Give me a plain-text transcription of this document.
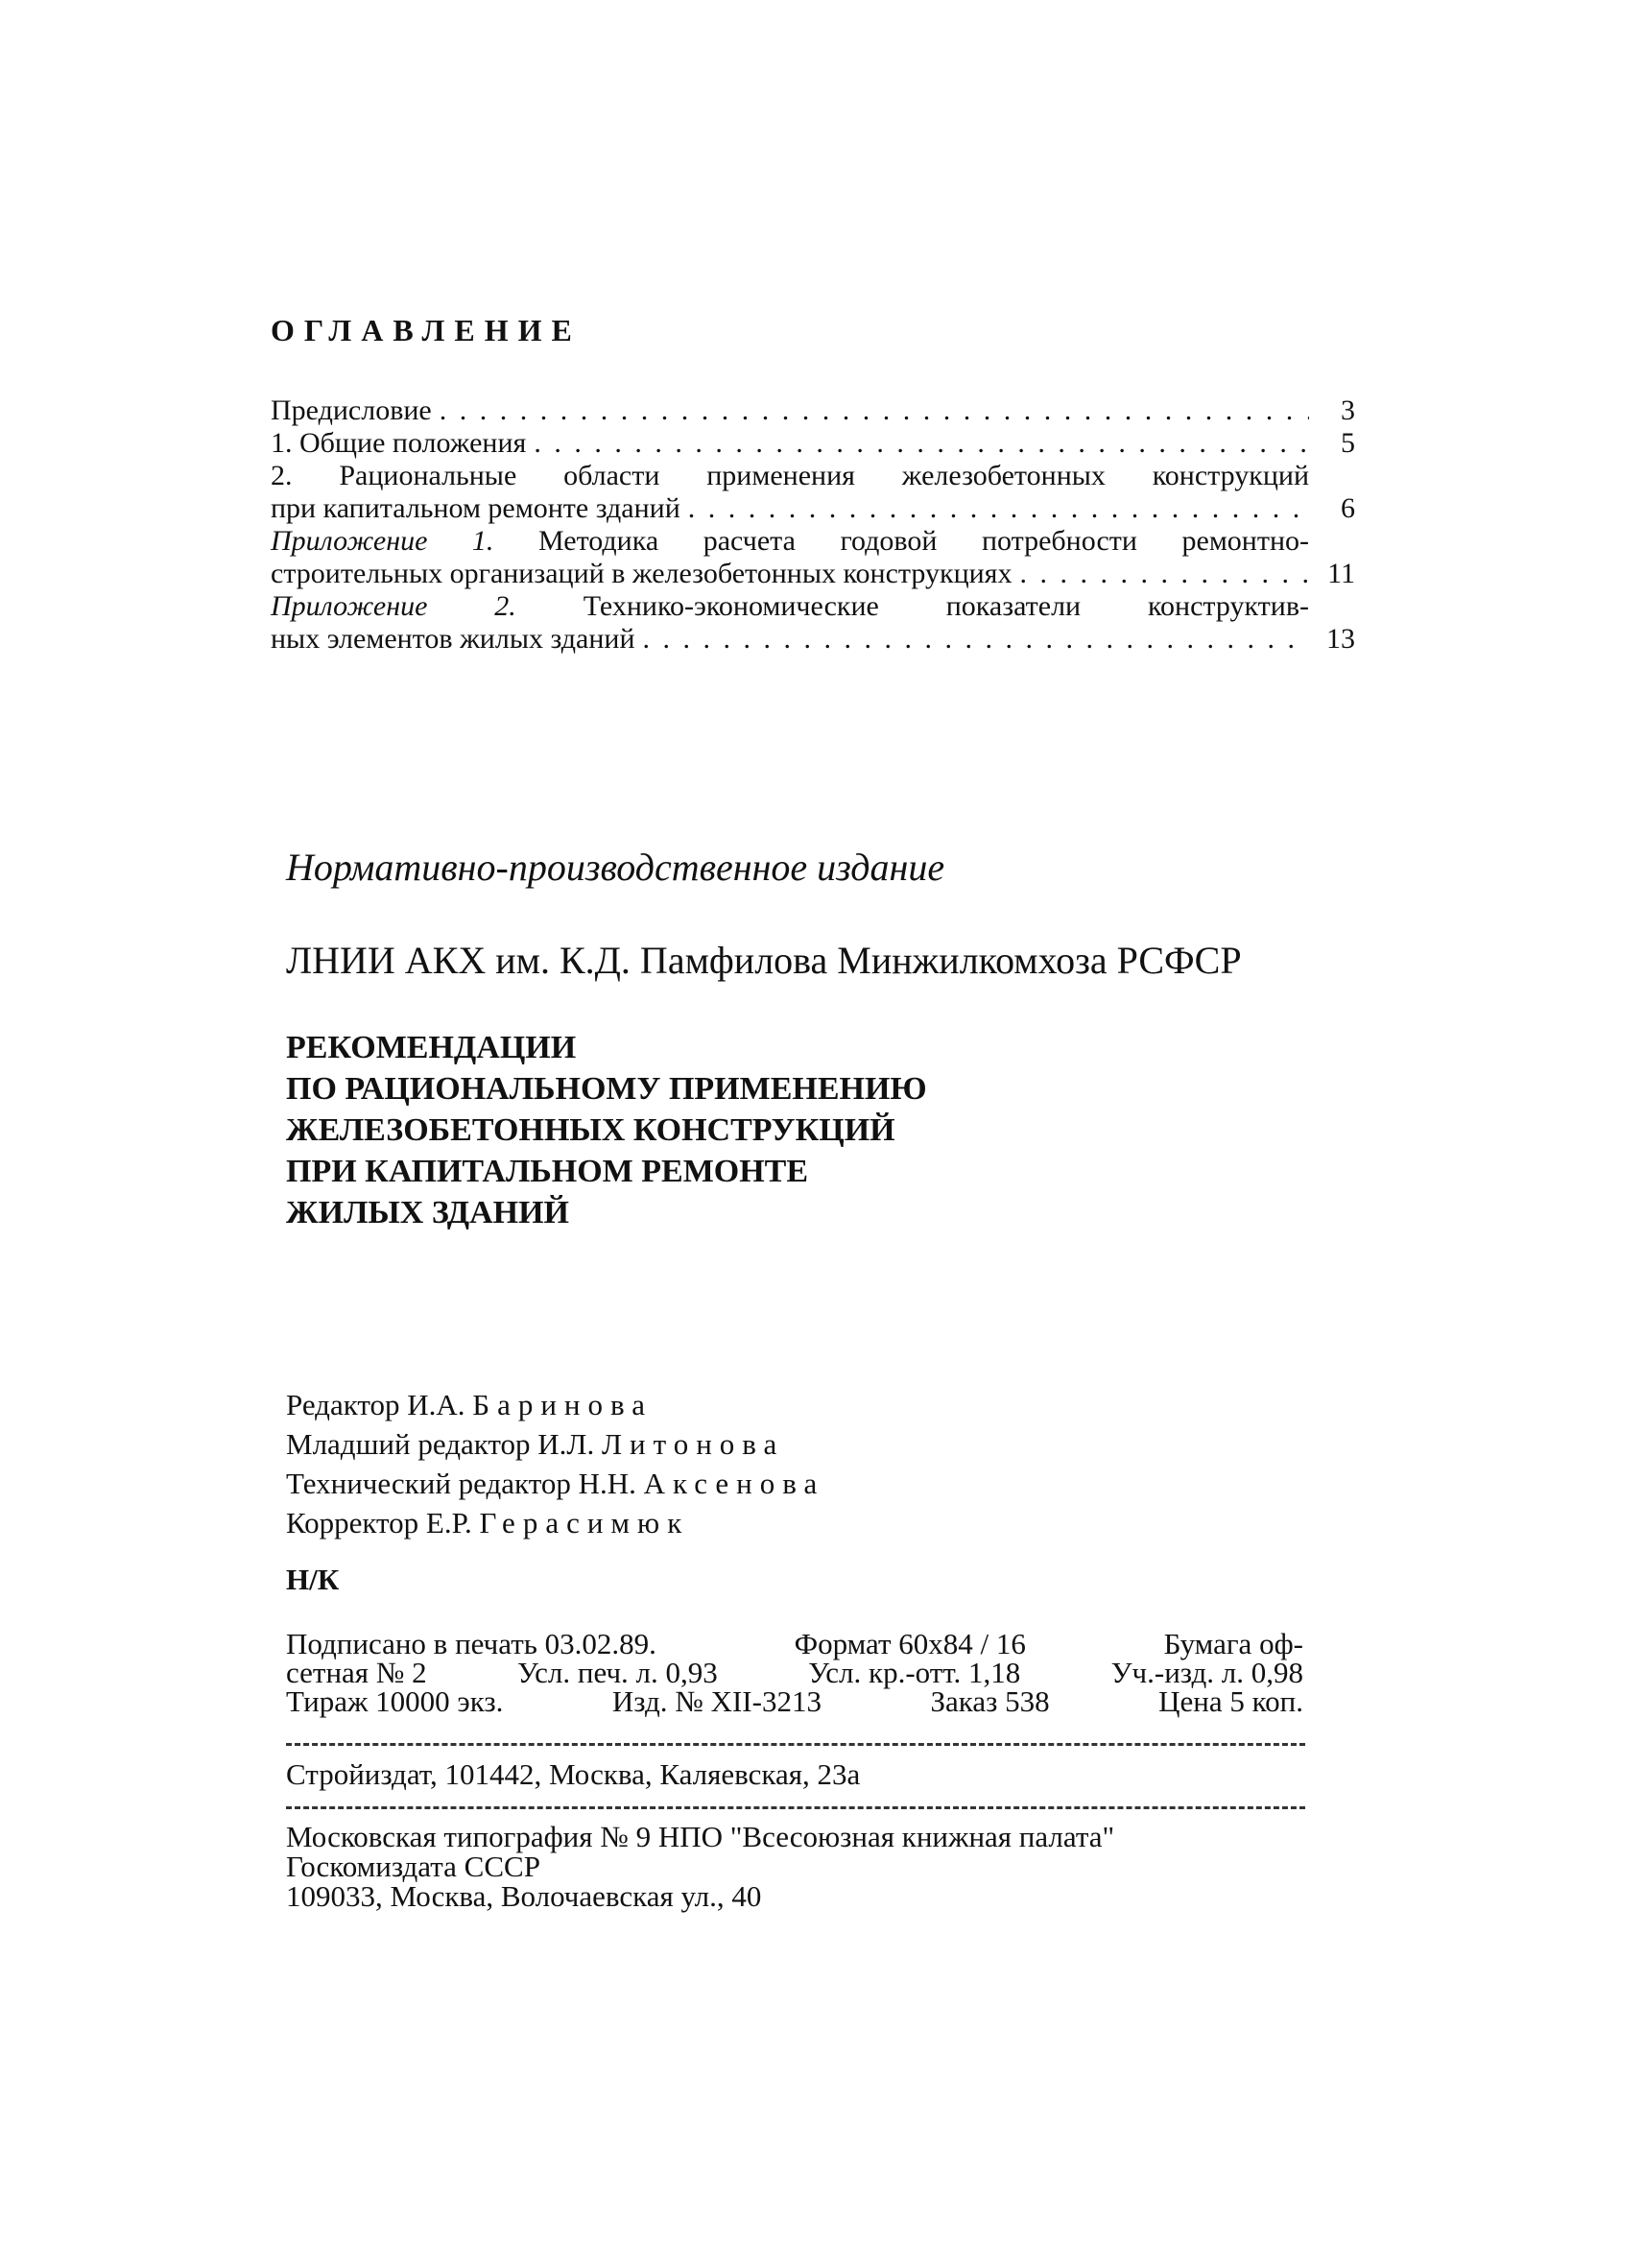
ОГЛАВЛЕНИЕ
Предисловие . . .	3
1. Общие положения . . .	5
2. Рациональные области применения железобетонных конструкций
при капитальном ремонте зданий . . .	6
Приложение 1. Методика расчета годовой потребности ремонтно-
строительных организаций в железобетонных конструкциях . . .	11
Приложение 2. Технико-экономические показатели конструктив-
ных элементов жилых зданий . . .	13
Нормативно-производственное издание
ЛНИИ АКХ им. К.Д. Памфилова Минжилкомхоза РСФСР
РЕКОМЕНДАЦИИ
ПО РАЦИОНАЛЬНОМУ ПРИМЕНЕНИЮ
ЖЕЛЕЗОБЕТОННЫХ КОНСТРУКЦИЙ
ПРИ КАПИТАЛЬНОМ РЕМОНТЕ
ЖИЛЫХ ЗДАНИЙ
Редактор И.А. Баринова
Младший редактор И.Л. Литонова
Технический редактор Н.Н. Аксенова
Корректор Е.Р. Герасимюк
Н/К
Подписано в печать 03.02.89.	Формат 60x84 / 16	Бумага оф-
сетная № 2	Усл. печ. л. 0,93	Усл. кр.-отт. 1,18	Уч.-изд. л. 0,98
Тираж 10000 экз.	Изд. № XII-3213	Заказ 538	Цена 5 коп.
Стройиздат, 101442, Москва, Каляевская, 23а
Московская типография № 9 НПО "Всесоюзная книжная палата"
Госкомиздата СССР
109033, Москва, Волочаевская ул., 40
